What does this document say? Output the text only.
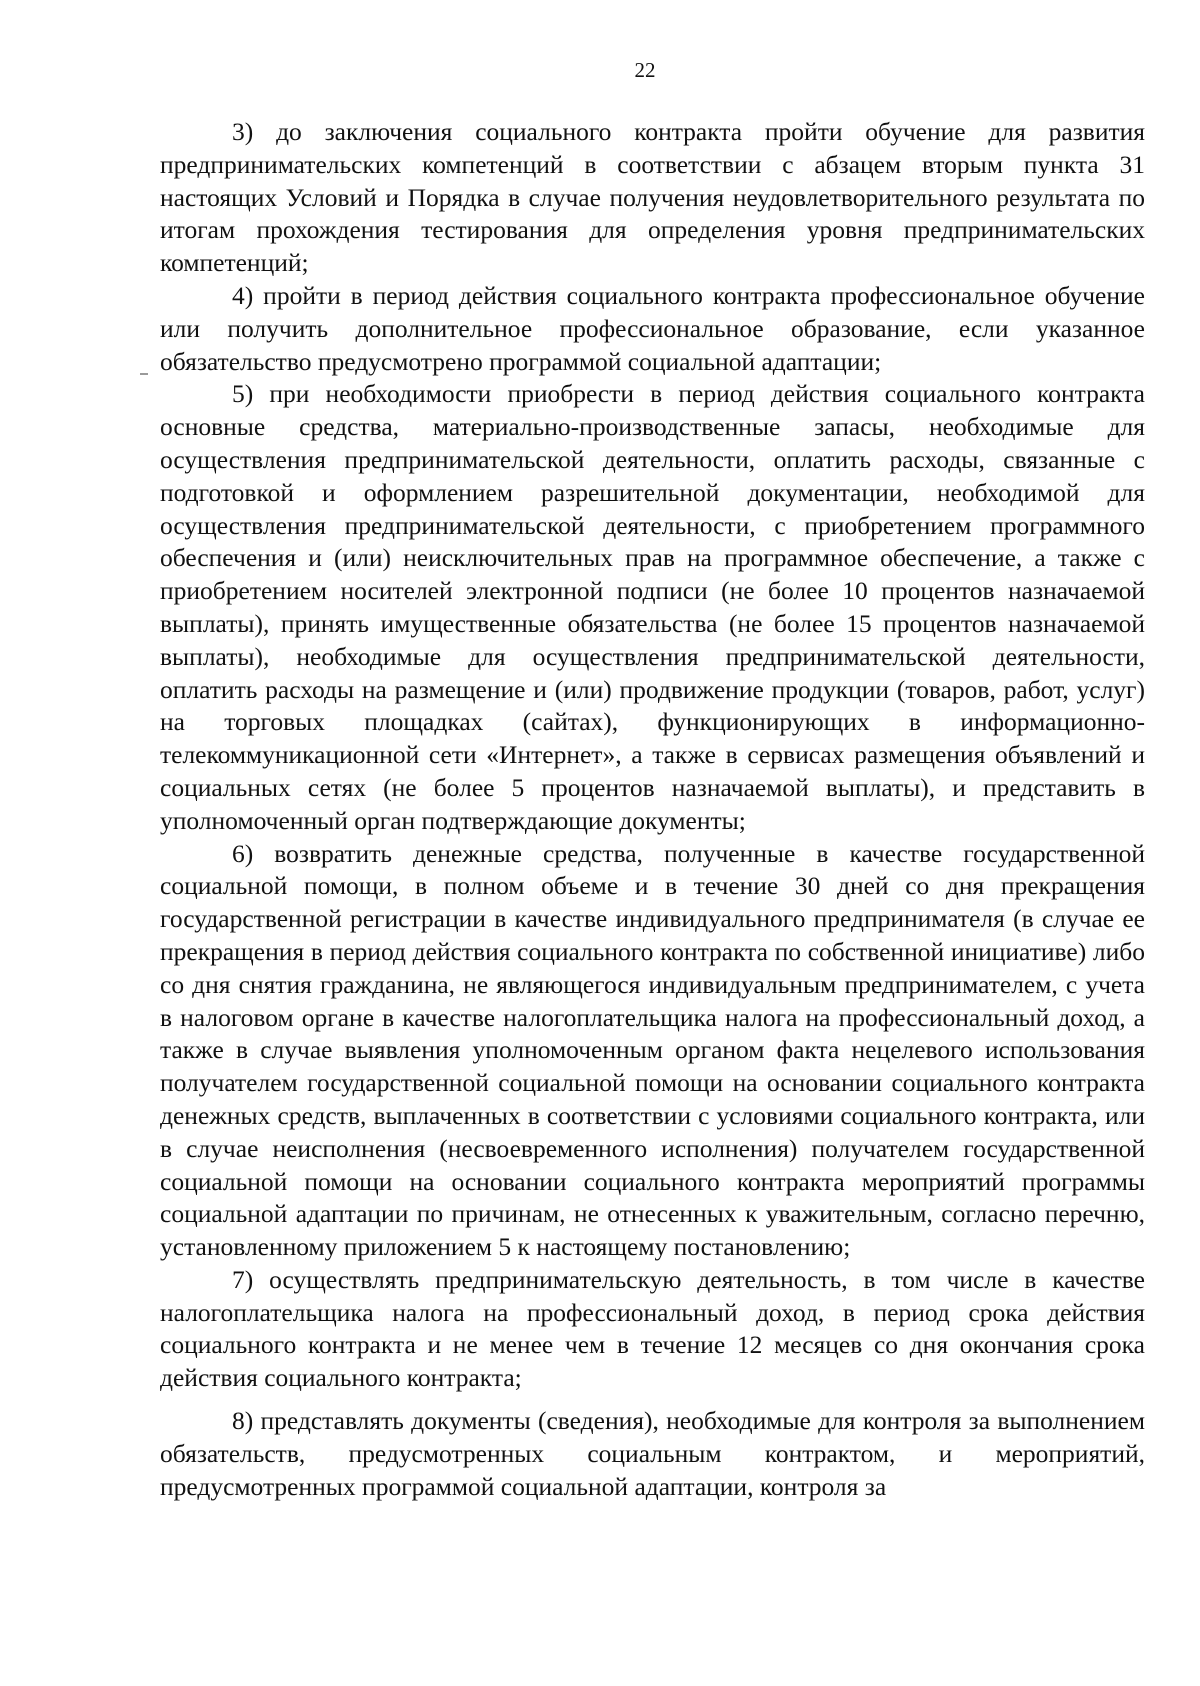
22

3) до заключения социального контракта пройти обучение для развития предпринимательских компетенций в соответствии с абзацем вторым пункта 31 настоящих Условий и Порядка в случае получения неудовлетворительного результата по итогам прохождения тестирования для определения уровня предпринимательских компетенций;

4) пройти в период действия социального контракта профессиональное обучение или получить дополнительное профессиональное образование, если указанное обязательство предусмотрено программой социальной адаптации;

5) при необходимости приобрести в период действия социального контракта основные средства, материально-производственные запасы, необходимые для осуществления предпринимательской деятельности, оплатить расходы, связанные с подготовкой и оформлением разрешительной документации, необходимой для осуществления предпринимательской деятельности, с приобретением программного обеспечения и (или) неисключительных прав на программное обеспечение, а также с приобретением носителей электронной подписи (не более 10 процентов назначаемой выплаты), принять имущественные обязательства (не более 15 процентов назначаемой выплаты), необходимые для осуществления предпринимательской деятельности, оплатить расходы на размещение и (или) продвижение продукции (товаров, работ, услуг) на торговых площадках (сайтах), функционирующих в информационно-телекоммуникационной сети «Интернет», а также в сервисах размещения объявлений и социальных сетях (не более 5 процентов назначаемой выплаты), и представить в уполномоченный орган подтверждающие документы;

6) возвратить денежные средства, полученные в качестве государственной социальной помощи, в полном объеме и в течение 30 дней со дня прекращения государственной регистрации в качестве индивидуального предпринимателя (в случае ее прекращения в период действия социального контракта по собственной инициативе) либо со дня снятия гражданина, не являющегося индивидуальным предпринимателем, с учета в налоговом органе в качестве налогоплательщика налога на профессиональный доход, а также в случае выявления уполномоченным органом факта нецелевого использования получателем государственной социальной помощи на основании социального контракта денежных средств, выплаченных в соответствии с условиями социального контракта, или в случае неисполнения (несвоевременного исполнения) получателем государственной социальной помощи на основании социального контракта мероприятий программы социальной адаптации по причинам, не отнесенных к уважительным, согласно перечню, установленному приложением 5 к настоящему постановлению;

7) осуществлять предпринимательскую деятельность, в том числе в качестве налогоплательщика налога на профессиональный доход, в период срока действия социального контракта и не менее чем в течение 12 месяцев со дня окончания срока действия социального контракта;

8) представлять документы (сведения), необходимые для контроля за выполнением обязательств, предусмотренных социальным контрактом, и мероприятий, предусмотренных программой социальной адаптации, контроля за
